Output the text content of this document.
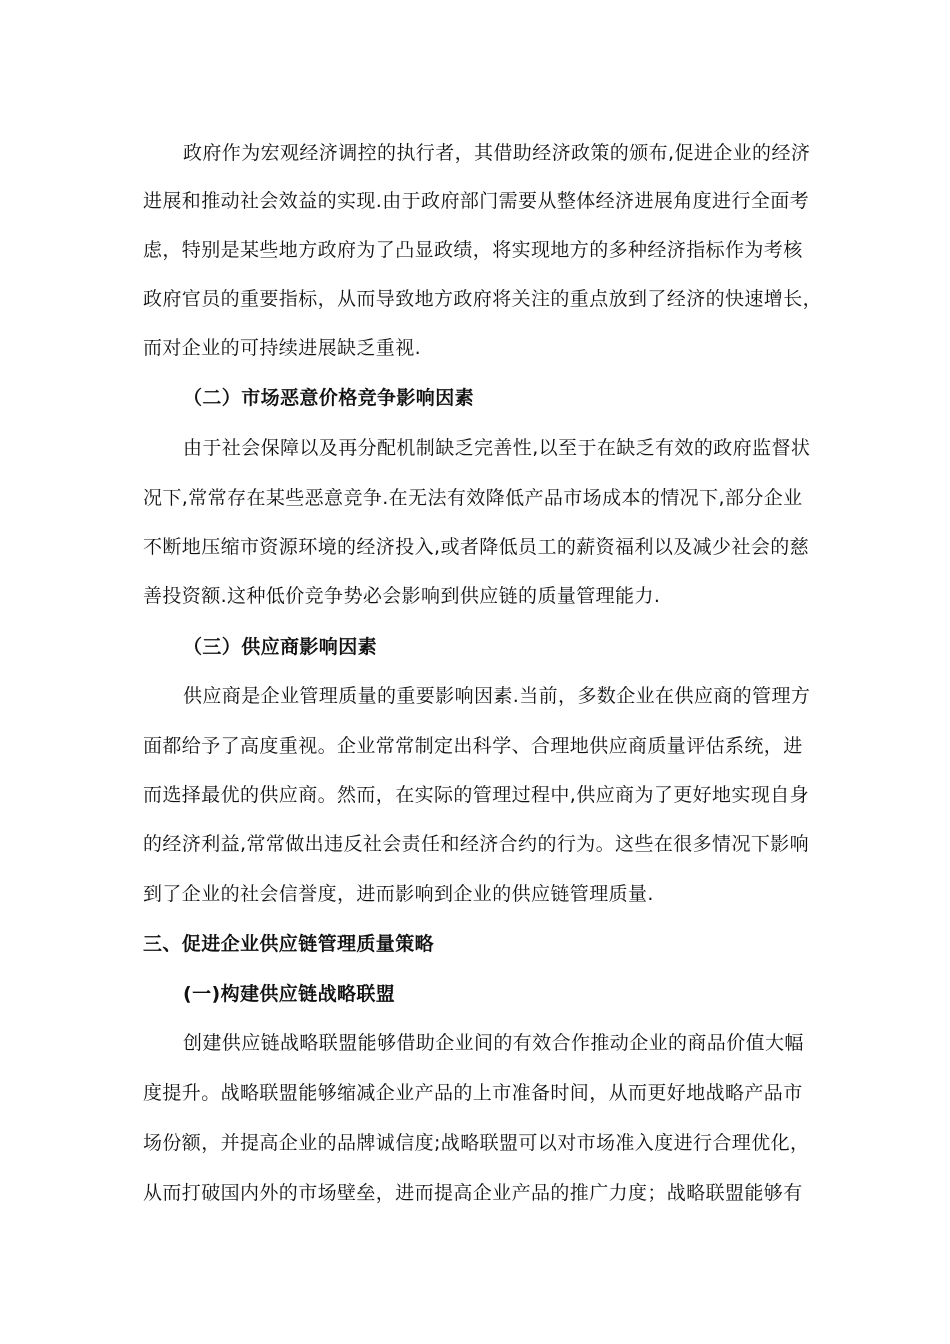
政府作为宏观经济调控的执行者，其借助经济政策的颁布,促进企业的经济
进展和推动社会效益的实现.由于政府部门需要从整体经济进展角度进行全面考
虑，特别是某些地方政府为了凸显政绩，将实现地方的多种经济指标作为考核
政府官员的重要指标，从而导致地方政府将关注的重点放到了经济的快速增长，
而对企业的可持续进展缺乏重视.
（二）市场恶意价格竞争影响因素
由于社会保障以及再分配机制缺乏完善性,以至于在缺乏有效的政府监督状
况下,常常存在某些恶意竞争.在无法有效降低产品市场成本的情况下,部分企业
不断地压缩市资源环境的经济投入,或者降低员工的薪资福利以及减少社会的慈
善投资额.这种低价竞争势必会影响到供应链的质量管理能力.
（三）供应商影响因素
供应商是企业管理质量的重要影响因素.当前，多数企业在供应商的管理方
面都给予了高度重视。企业常常制定出科学、合理地供应商质量评估系统，进
而选择最优的供应商。然而，在实际的管理过程中,供应商为了更好地实现自身
的经济利益,常常做出违反社会责任和经济合约的行为。这些在很多情况下影响
到了企业的社会信誉度，进而影响到企业的供应链管理质量.
三、促进企业供应链管理质量策略
(一)构建供应链战略联盟
创建供应链战略联盟能够借助企业间的有效合作推动企业的商品价值大幅
度提升。战略联盟能够缩减企业产品的上市准备时间，从而更好地战略产品市
场份额，并提高企业的品牌诚信度;战略联盟可以对市场准入度进行合理优化，
从而打破国内外的市场壁垒，进而提高企业产品的推广力度；战略联盟能够有
